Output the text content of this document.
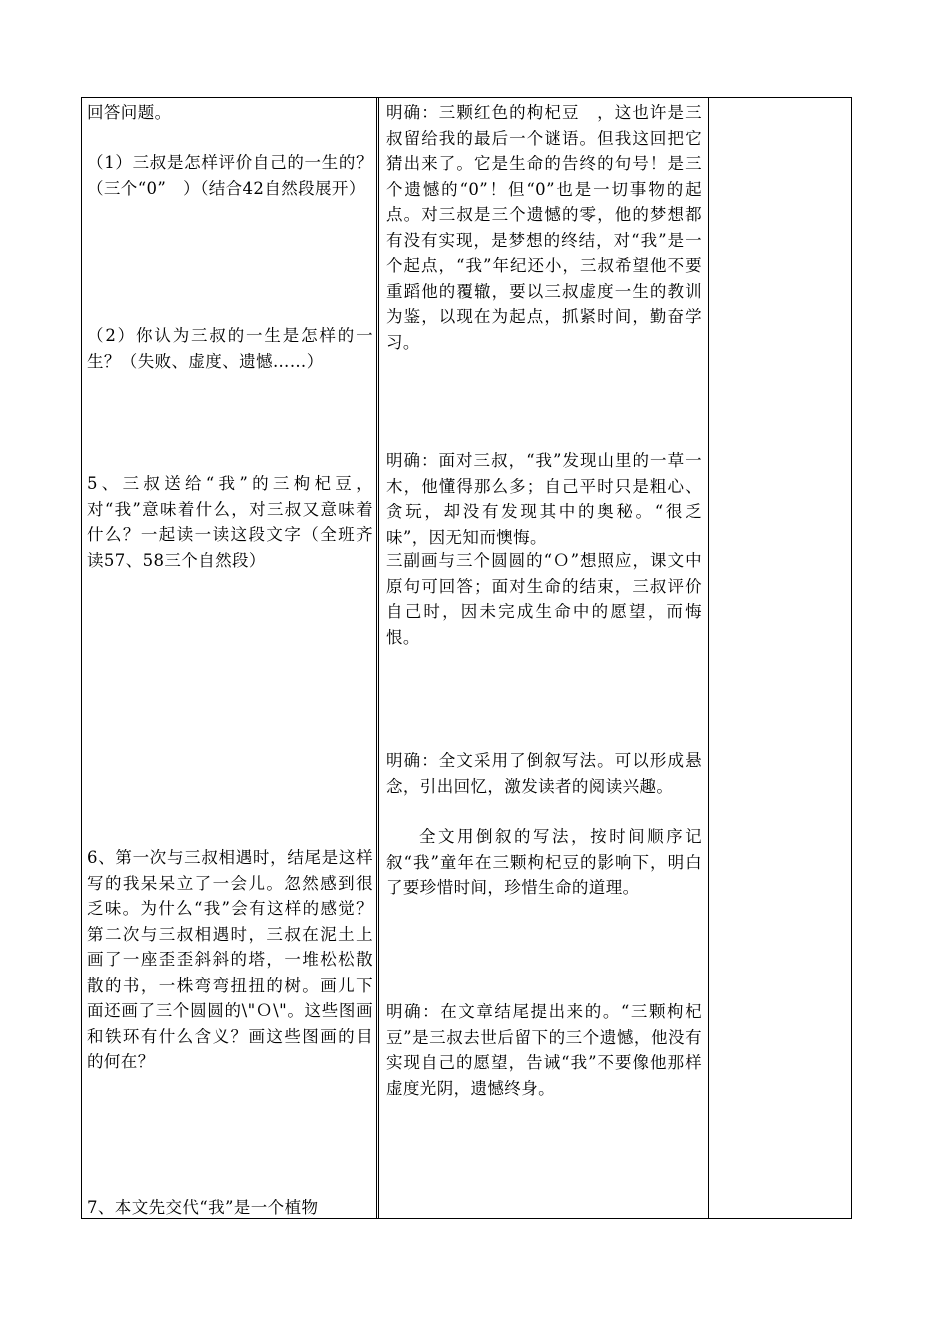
回答问题。
（1）三叔是怎样评价自己的一生的？（三个“0”　）（结合42自然段展开）
（2）你认为三叔的一生是怎样的一生？（失败、虚度、遗憾……）
5、三叔送给“我”的三枸杞豆，对“我”意味着什么，对三叔又意味着什么？一起读一读这段文字（全班齐读57、58三个自然段）
6、第一次与三叔相遇时，结尾是这样写的我呆呆立了一会儿。忽然感到很乏味。为什么“我”会有这样的感觉？第二次与三叔相遇时，三叔在泥土上画了一座歪歪斜斜的塔，一堆松松散散的书，一株弯弯扭扭的树。画儿下面还画了三个圆圆的\"Ｏ\"。这些图画和铁环有什么含义？画这些图画的目的何在？
7、本文先交代“我”是一个植物
明确：三颗红色的枸杞豆　，这也许是三叔留给我的最后一个谜语。但我这回把它猜出来了。它是生命的告终的句号！是三个遗憾的“0”！但“0”也是一切事物的起点。对三叔是三个遗憾的零，他的梦想都有没有实现，是梦想的终结，对“我”是一个起点，“我”年纪还小，三叔希望他不要重蹈他的覆辙，要以三叔虚度一生的教训为鉴，以现在为起点，抓紧时间，勤奋学习。
明确：面对三叔，“我”发现山里的一草一木，他懂得那么多；自己平时只是粗心、贪玩，却没有发现其中的奥秘。“很乏味”，因无知而懊悔。
三副画与三个圆圆的“Ｏ”想照应，课文中原句可回答；面对生命的结束，三叔评价自己时，因未完成生命中的愿望，而悔恨。
明确：全文采用了倒叙写法。可以形成悬念，引出回忆，激发读者的阅读兴趣。
全文用倒叙的写法，按时间顺序记叙“我”童年在三颗枸杞豆的影响下，明白了要珍惜时间，珍惜生命的道理。
明确：在文章结尾提出来的。“三颗枸杞豆”是三叔去世后留下的三个遗憾，他没有实现自己的愿望，告诫“我”不要像他那样虚度光阴，遗憾终身。
